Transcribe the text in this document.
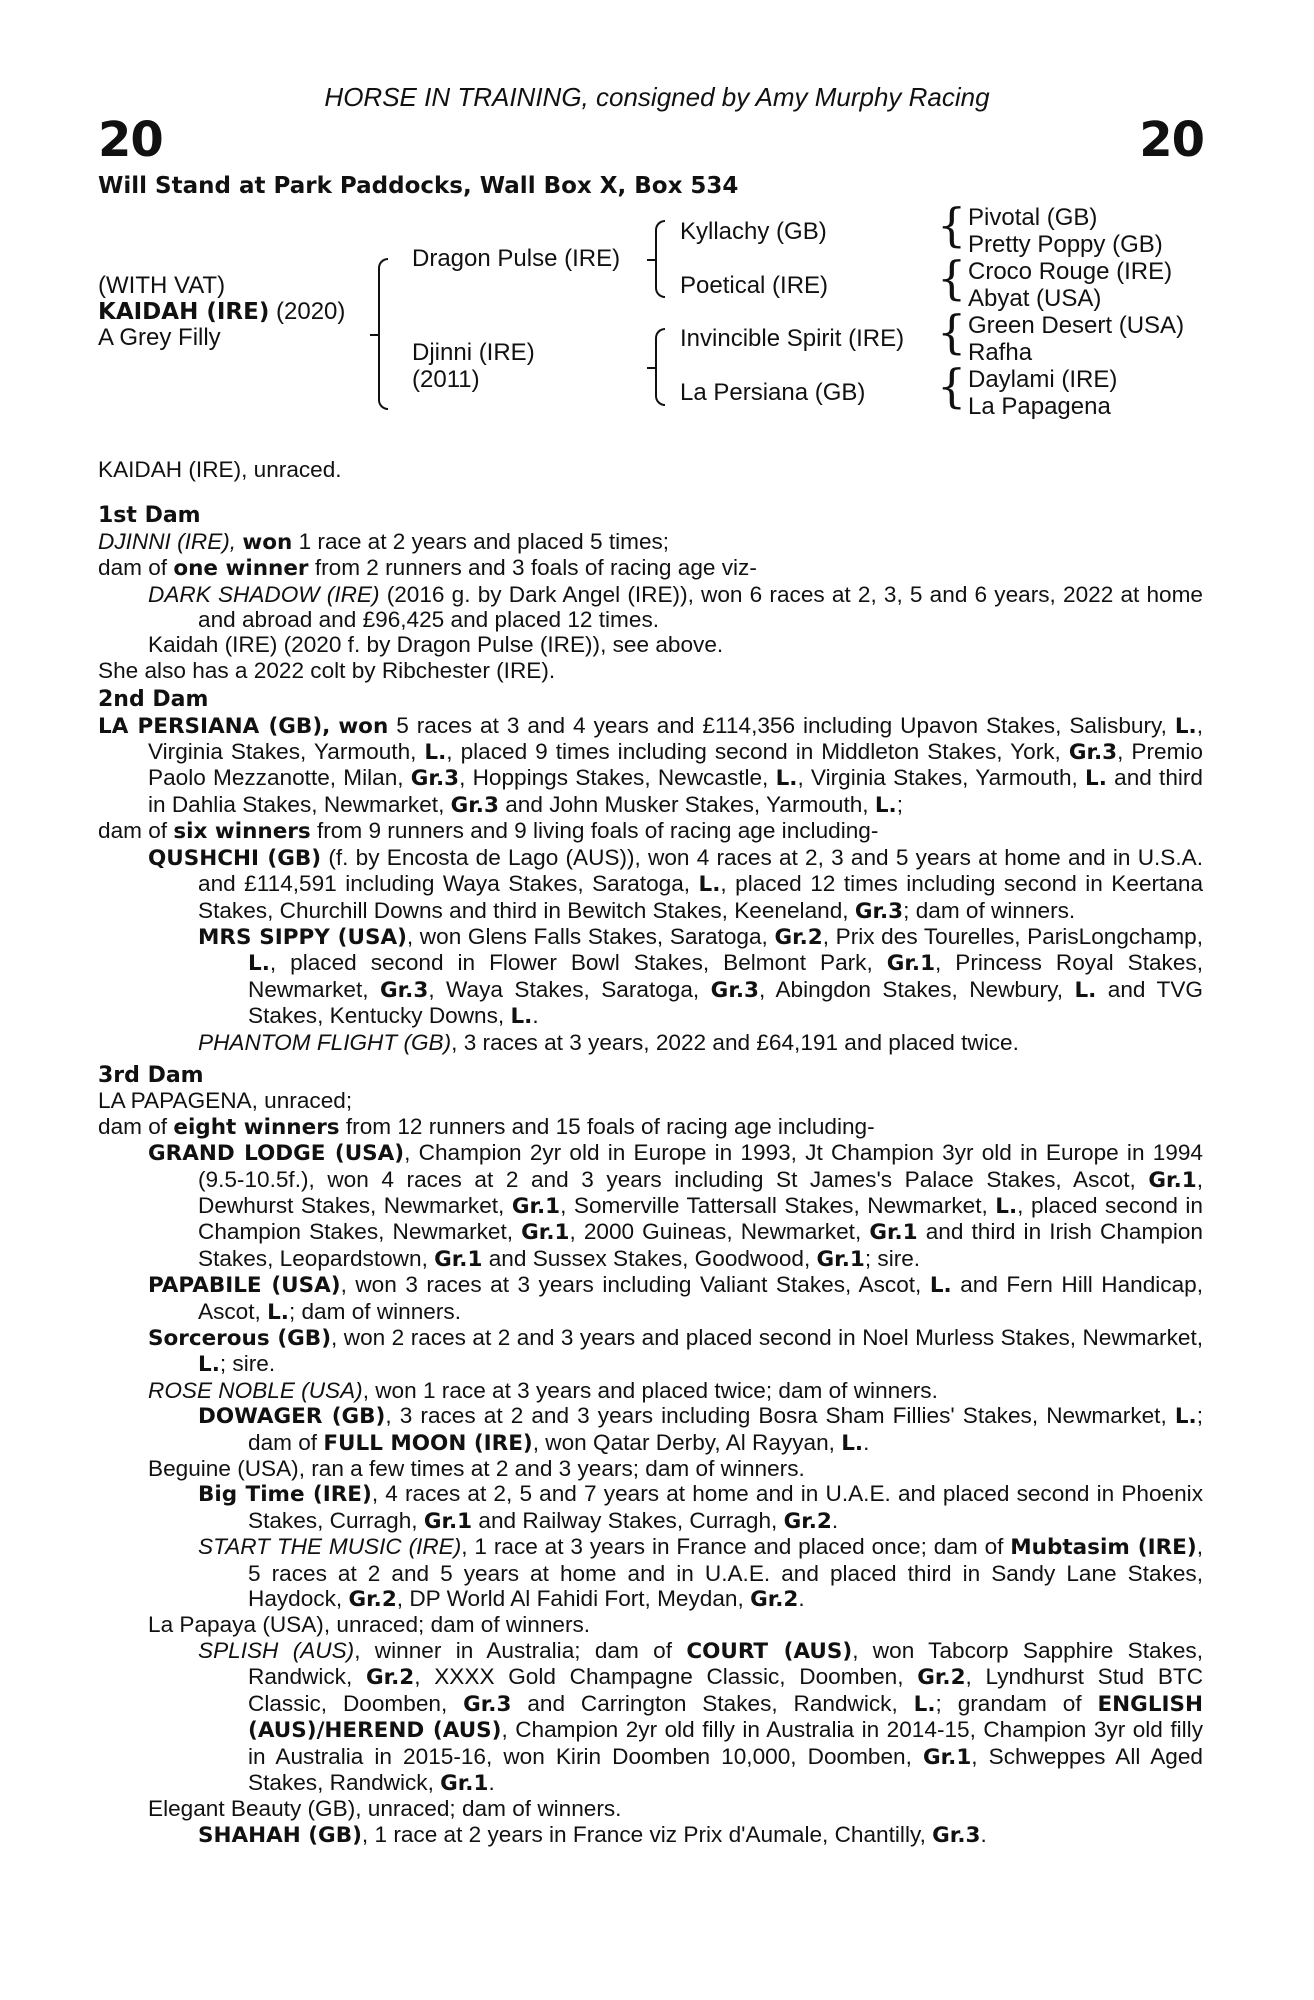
HORSE IN TRAINING, consigned by Amy Murphy Racing
20	20
Will Stand at Park Paddocks, Wall Box X, Box 534
(WITH VAT)
KAIDAH (IRE) (2020)
A Grey Filly
Dragon Pulse (IRE)
Djinni (IRE)
(2011)
Kyllachy (GB)
Poetical (IRE)
Invincible Spirit (IRE)
La Persiana (GB)
{
{
{
{
Pivotal (GB)
Pretty Poppy (GB)
Croco Rouge (IRE)
Abyat (USA)
Green Desert (USA)
Rafha
Daylami (IRE)
La Papagena

KAIDAH (IRE), unraced.

1st Dam

DJINNI (IRE), won 1 race at 2 years and placed 5 times;

dam of one winner from 2 runners and 3 foals of racing age viz-

DARK SHADOW (IRE) (2016 g. by Dark Angel (IRE)), won 6 races at 2, 3, 5 and 6 years, 2022 at home and abroad and £96,425 and placed 12 times.

Kaidah (IRE) (2020 f. by Dragon Pulse (IRE)), see above.

She also has a 2022 colt by Ribchester (IRE).

2nd Dam

LA PERSIANA (GB), won 5 races at 3 and 4 years and £114,356 including Upavon Stakes, Salisbury, L., Virginia Stakes, Yarmouth, L., placed 9 times including second in Middleton Stakes, York, Gr.3, Premio Paolo Mezzanotte, Milan, Gr.3, Hoppings Stakes, Newcastle, L., Virginia Stakes, Yarmouth, L. and third in Dahlia Stakes, Newmarket, Gr.3 and John Musker Stakes, Yarmouth, L.;

dam of six winners from 9 runners and 9 living foals of racing age including-

QUSHCHI (GB) (f. by Encosta de Lago (AUS)), won 4 races at 2, 3 and 5 years at home and in U.S.A. and £114,591 including Waya Stakes, Saratoga, L., placed 12 times including second in Keertana Stakes, Churchill Downs and third in Bewitch Stakes, Keeneland, Gr.3; dam of winners.

MRS SIPPY (USA), won Glens Falls Stakes, Saratoga, Gr.2, Prix des Tourelles, ParisLongchamp, L., placed second in Flower Bowl Stakes, Belmont Park, Gr.1, Princess Royal Stakes, Newmarket, Gr.3, Waya Stakes, Saratoga, Gr.3, Abingdon Stakes, Newbury, L. and TVG Stakes, Kentucky Downs, L..

PHANTOM FLIGHT (GB), 3 races at 3 years, 2022 and £64,191 and placed twice.

3rd Dam

LA PAPAGENA, unraced;

dam of eight winners from 12 runners and 15 foals of racing age including-

GRAND LODGE (USA), Champion 2yr old in Europe in 1993, Jt Champion 3yr old in Europe in 1994 (9.5-10.5f.), won 4 races at 2 and 3 years including St James's Palace Stakes, Ascot, Gr.1, Dewhurst Stakes, Newmarket, Gr.1, Somerville Tattersall Stakes, Newmarket, L., placed second in Champion Stakes, Newmarket, Gr.1, 2000 Guineas, Newmarket, Gr.1 and third in Irish Champion Stakes, Leopardstown, Gr.1 and Sussex Stakes, Goodwood, Gr.1; sire.

PAPABILE (USA), won 3 races at 3 years including Valiant Stakes, Ascot, L. and Fern Hill Handicap, Ascot, L.; dam of winners.

Sorcerous (GB), won 2 races at 2 and 3 years and placed second in Noel Murless Stakes, Newmarket, L.; sire.

ROSE NOBLE (USA), won 1 race at 3 years and placed twice; dam of winners.

DOWAGER (GB), 3 races at 2 and 3 years including Bosra Sham Fillies' Stakes, Newmarket, L.; dam of FULL MOON (IRE), won Qatar Derby, Al Rayyan, L..

Beguine (USA), ran a few times at 2 and 3 years; dam of winners.

Big Time (IRE), 4 races at 2, 5 and 7 years at home and in U.A.E. and placed second in Phoenix Stakes, Curragh, Gr.1 and Railway Stakes, Curragh, Gr.2.

START THE MUSIC (IRE), 1 race at 3 years in France and placed once; dam of Mubtasim (IRE), 5 races at 2 and 5 years at home and in U.A.E. and placed third in Sandy Lane Stakes, Haydock, Gr.2, DP World Al Fahidi Fort, Meydan, Gr.2.

La Papaya (USA), unraced; dam of winners.

SPLISH (AUS), winner in Australia; dam of COURT (AUS), won Tabcorp Sapphire Stakes, Randwick, Gr.2, XXXX Gold Champagne Classic, Doomben, Gr.2, Lyndhurst Stud BTC Classic, Doomben, Gr.3 and Carrington Stakes, Randwick, L.; grandam of ENGLISH (AUS)/HEREND (AUS), Champion 2yr old filly in Australia in 2014-15, Champion 3yr old filly in Australia in 2015-16, won Kirin Doomben 10,000, Doomben, Gr.1, Schweppes All Aged Stakes, Randwick, Gr.1.

Elegant Beauty (GB), unraced; dam of winners.

SHAHAH (GB), 1 race at 2 years in France viz Prix d'Aumale, Chantilly, Gr.3.
